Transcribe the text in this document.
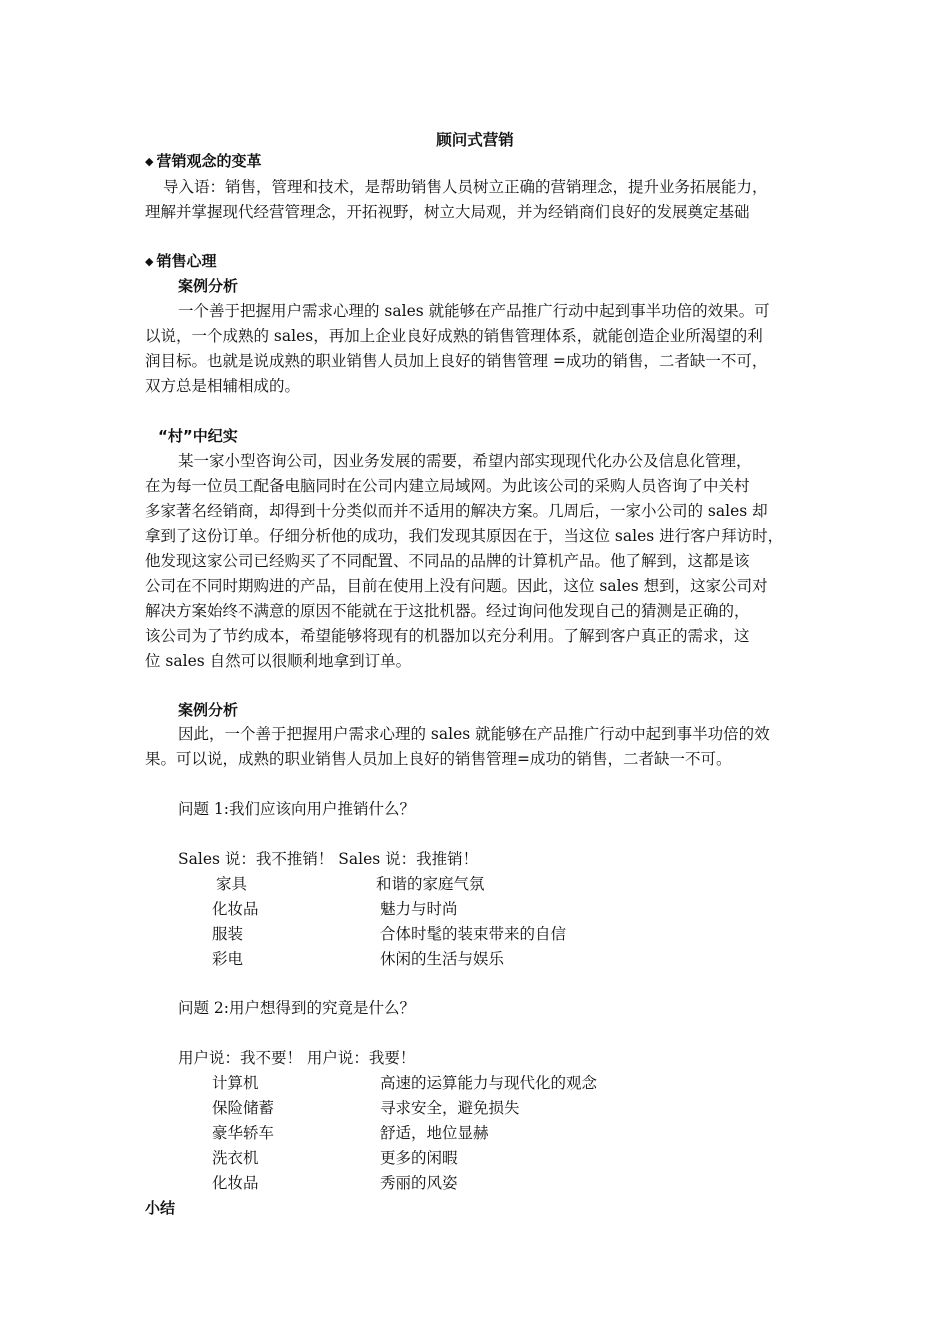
顾问式营销
◆ 营销观念的变革
导入语：销售，管理和技术，是帮助销售人员树立正确的营销理念，提升业务拓展能力，
理解并掌握现代经营管理念，开拓视野，树立大局观，并为经销商们良好的发展奠定基础
◆ 销售心理
案例分析
一个善于把握用户需求心理的 sales 就能够在产品推广行动中起到事半功倍的效果。可
以说，一个成熟的 sales，再加上企业良好成熟的销售管理体系，就能创造企业所渴望的利
润目标。也就是说成熟的职业销售人员加上良好的销售管理 =成功的销售，二者缺一不可，
双方总是相辅相成的。
“村”中纪实
某一家小型咨询公司，因业务发展的需要，希望内部实现现代化办公及信息化管理，
在为每一位员工配备电脑同时在公司内建立局域网。为此该公司的采购人员咨询了中关村
多家著名经销商，却得到十分类似而并不适用的解决方案。几周后，一家小公司的 sales 却
拿到了这份订单。仔细分析他的成功，我们发现其原因在于，当这位 sales 进行客户拜访时，
他发现这家公司已经购买了不同配置、不同品的品牌的计算机产品。他了解到，这都是该
公司在不同时期购进的产品，目前在使用上没有问题。因此，这位 sales 想到，这家公司对
解决方案始终不满意的原因不能就在于这批机器。经过询问他发现自己的猜测是正确的，
该公司为了节约成本，希望能够将现有的机器加以充分利用。了解到客户真正的需求，这
位 sales 自然可以很顺利地拿到订单。
案例分析
因此，一个善于把握用户需求心理的 sales 就能够在产品推广行动中起到事半功倍的效
果。可以说，成熟的职业销售人员加上良好的销售管理=成功的销售，二者缺一不可。
问题 1:我们应该向用户推销什么？
Sales 说：我不推销！ Sales 说：我推销！
家具	和谐的家庭气氛
化妆品	魅力与时尚
服装	合体时髦的装束带来的自信
彩电	休闲的生活与娱乐
问题 2:用户想得到的究竟是什么？
用户说：我不要！ 用户说：我要！
计算机	高速的运算能力与现代化的观念
保险储蓄	寻求安全，避免损失
豪华轿车	舒适，地位显赫
洗衣机	更多的闲暇
化妆品	秀丽的风姿
小结
